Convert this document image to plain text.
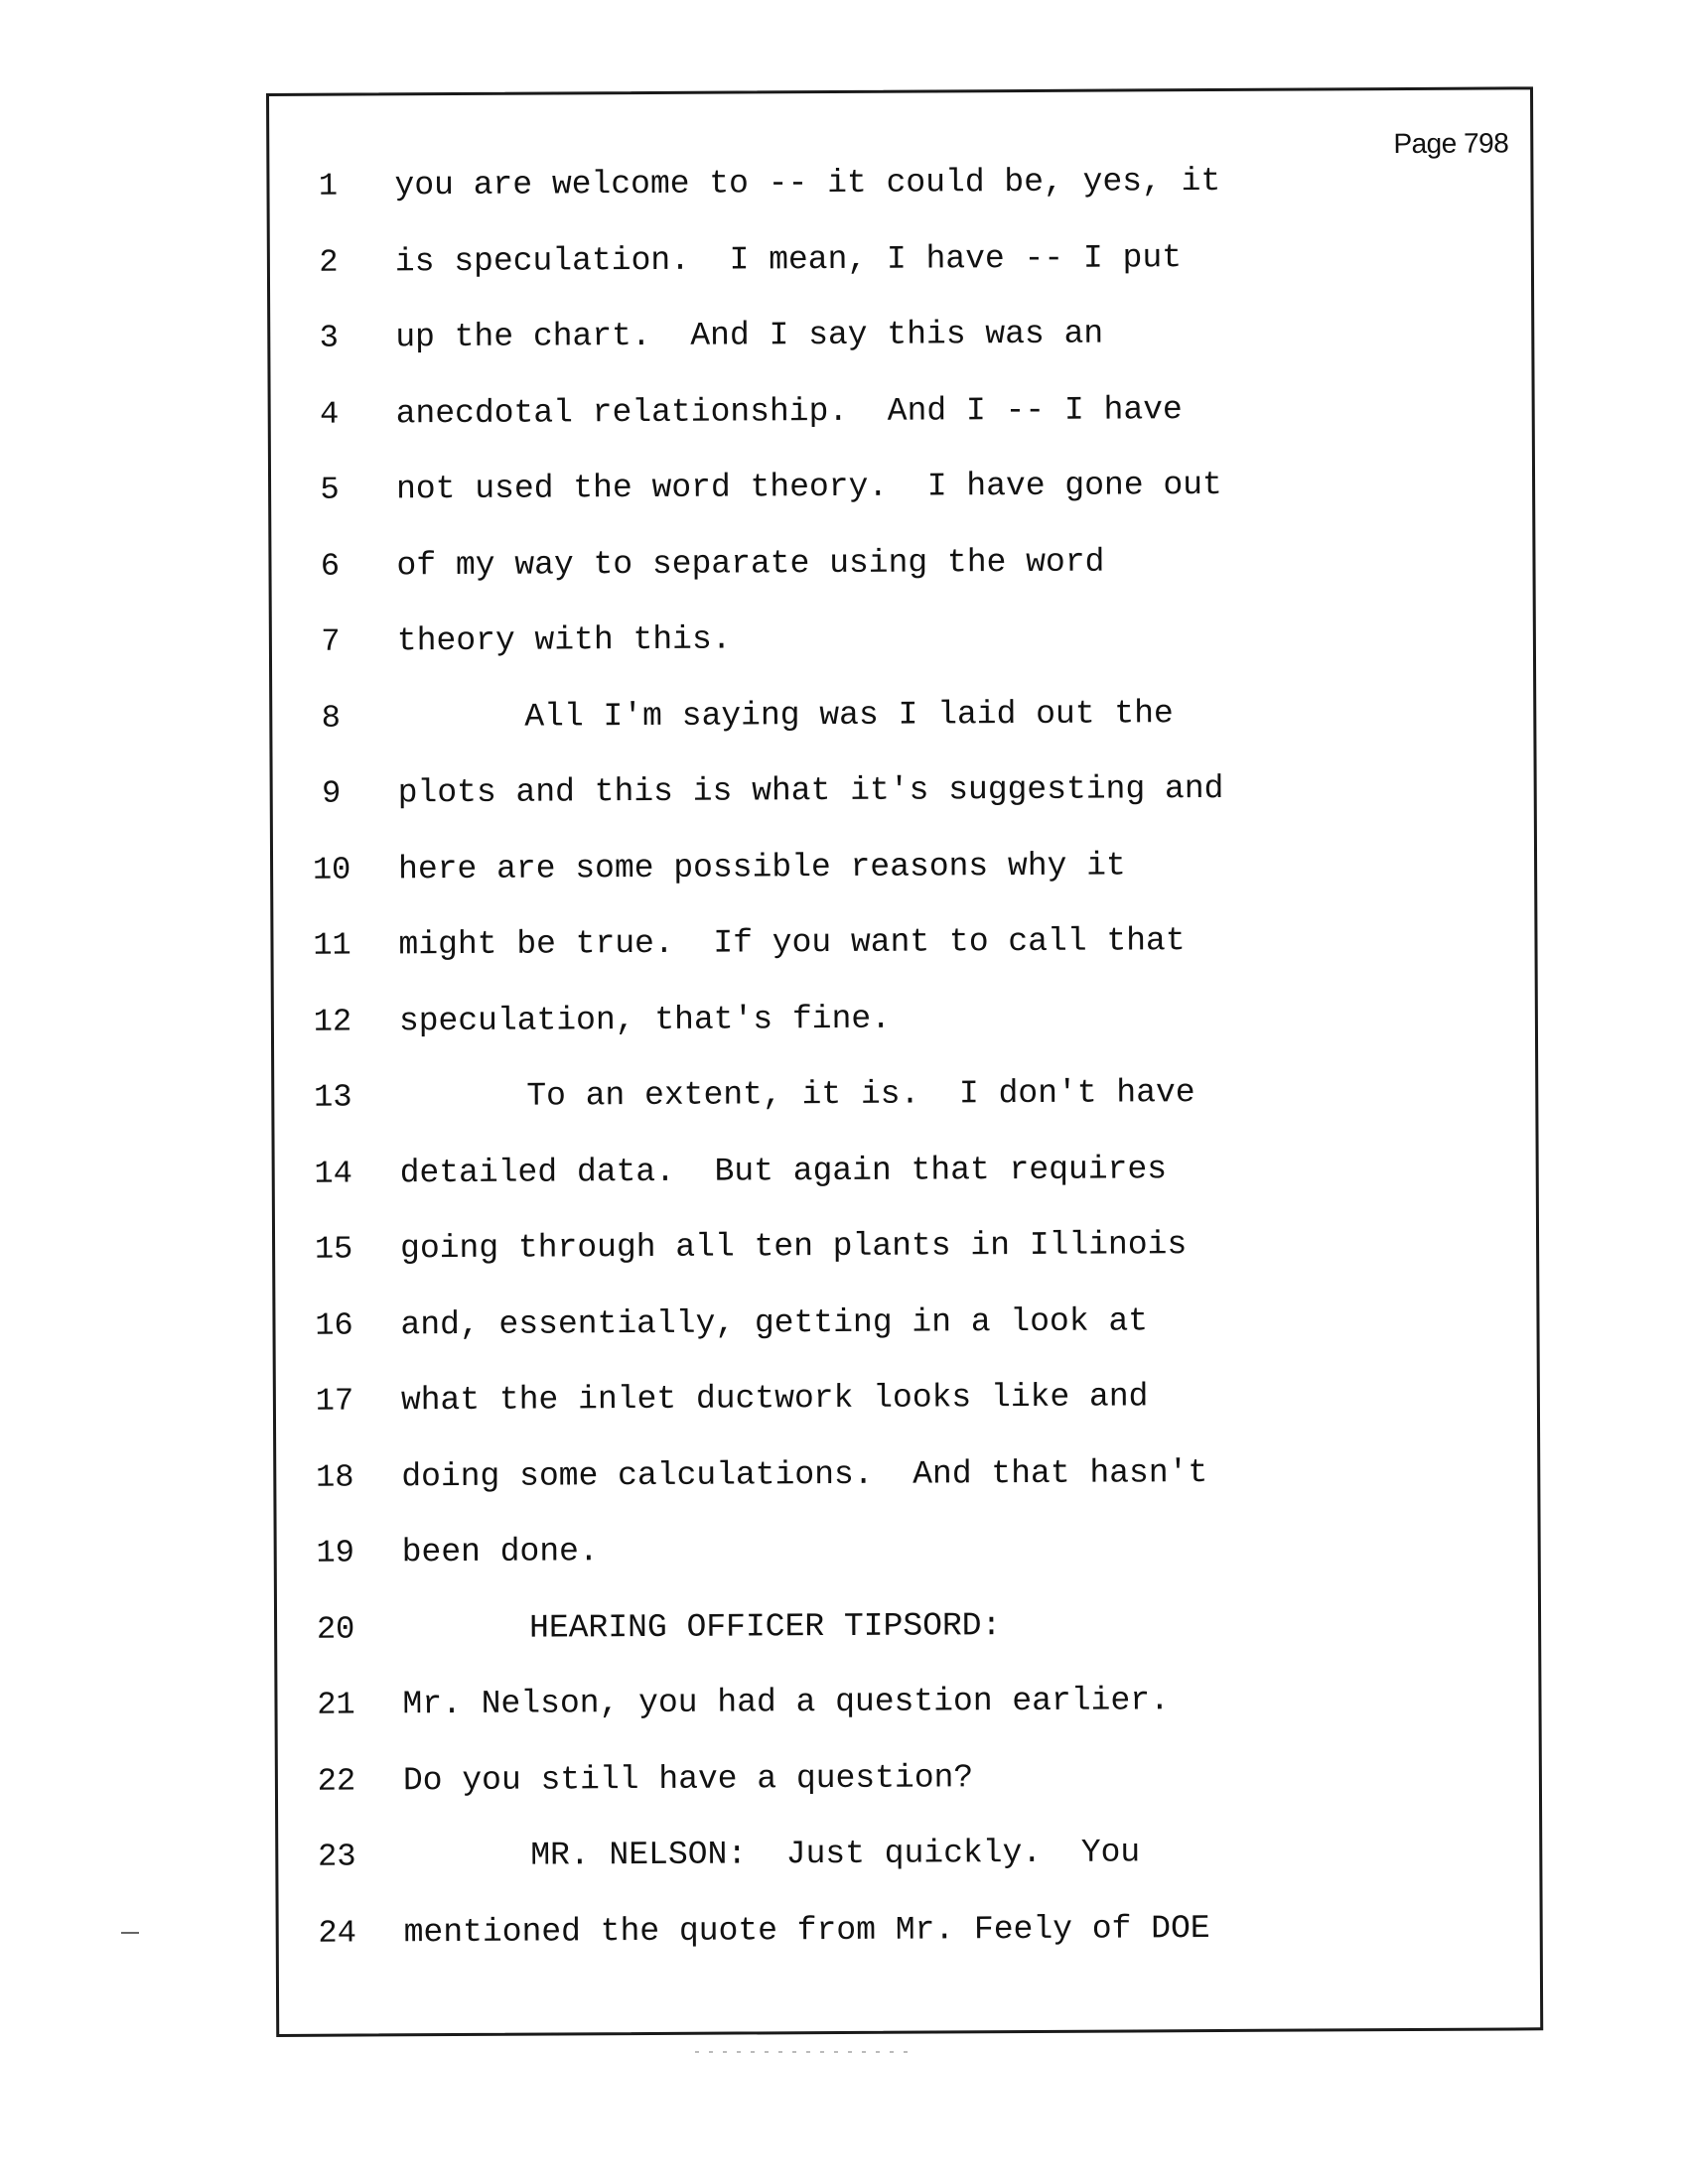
Page 798
1	you are welcome to -- it could be, yes, it
2	is speculation.  I mean, I have -- I put
3	up the chart.  And I say this was an
4	anecdotal relationship.  And I -- I have
5	not used the word theory.  I have gone out
6	of my way to separate using the word
7	theory with this.
8	All I'm saying was I laid out the
9	plots and this is what it's suggesting and
10	here are some possible reasons why it
11	might be true.  If you want to call that
12	speculation, that's fine.
13	To an extent, it is.  I don't have
14	detailed data.  But again that requires
15	going through all ten plants in Illinois
16	and, essentially, getting in a look at
17	what the inlet ductwork looks like and
18	doing some calculations.  And that hasn't
19	been done.
20	HEARING OFFICER TIPSORD:
21	Mr. Nelson, you had a question earlier.
22	Do you still have a question?
23	MR. NELSON:  Just quickly.  You
24	mentioned the quote from Mr. Feely of DOE
